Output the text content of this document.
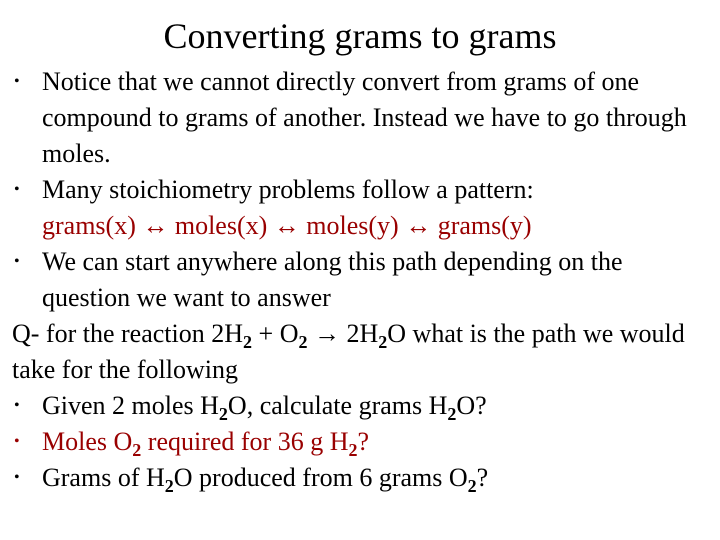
Converting grams to grams
• Notice that we cannot directly convert from grams of one compound to grams of another. Instead we have to go through moles.
• Many stoichiometry problems follow a pattern:
grams(x) ↔ moles(x) ↔ moles(y) ↔ grams(y)
• We can start anywhere along this path depending on the question we want to answer
Q- for the reaction $2H_2 + O_2 \to 2H_2O$ what is the path we would take for the following
• Given 2 moles $H_2O$, calculate grams $H_2O$?
• Moles $O_2$ required for 36 g $H_2$?
• Grams of $H_2O$ produced from 6 grams $O_2$?
